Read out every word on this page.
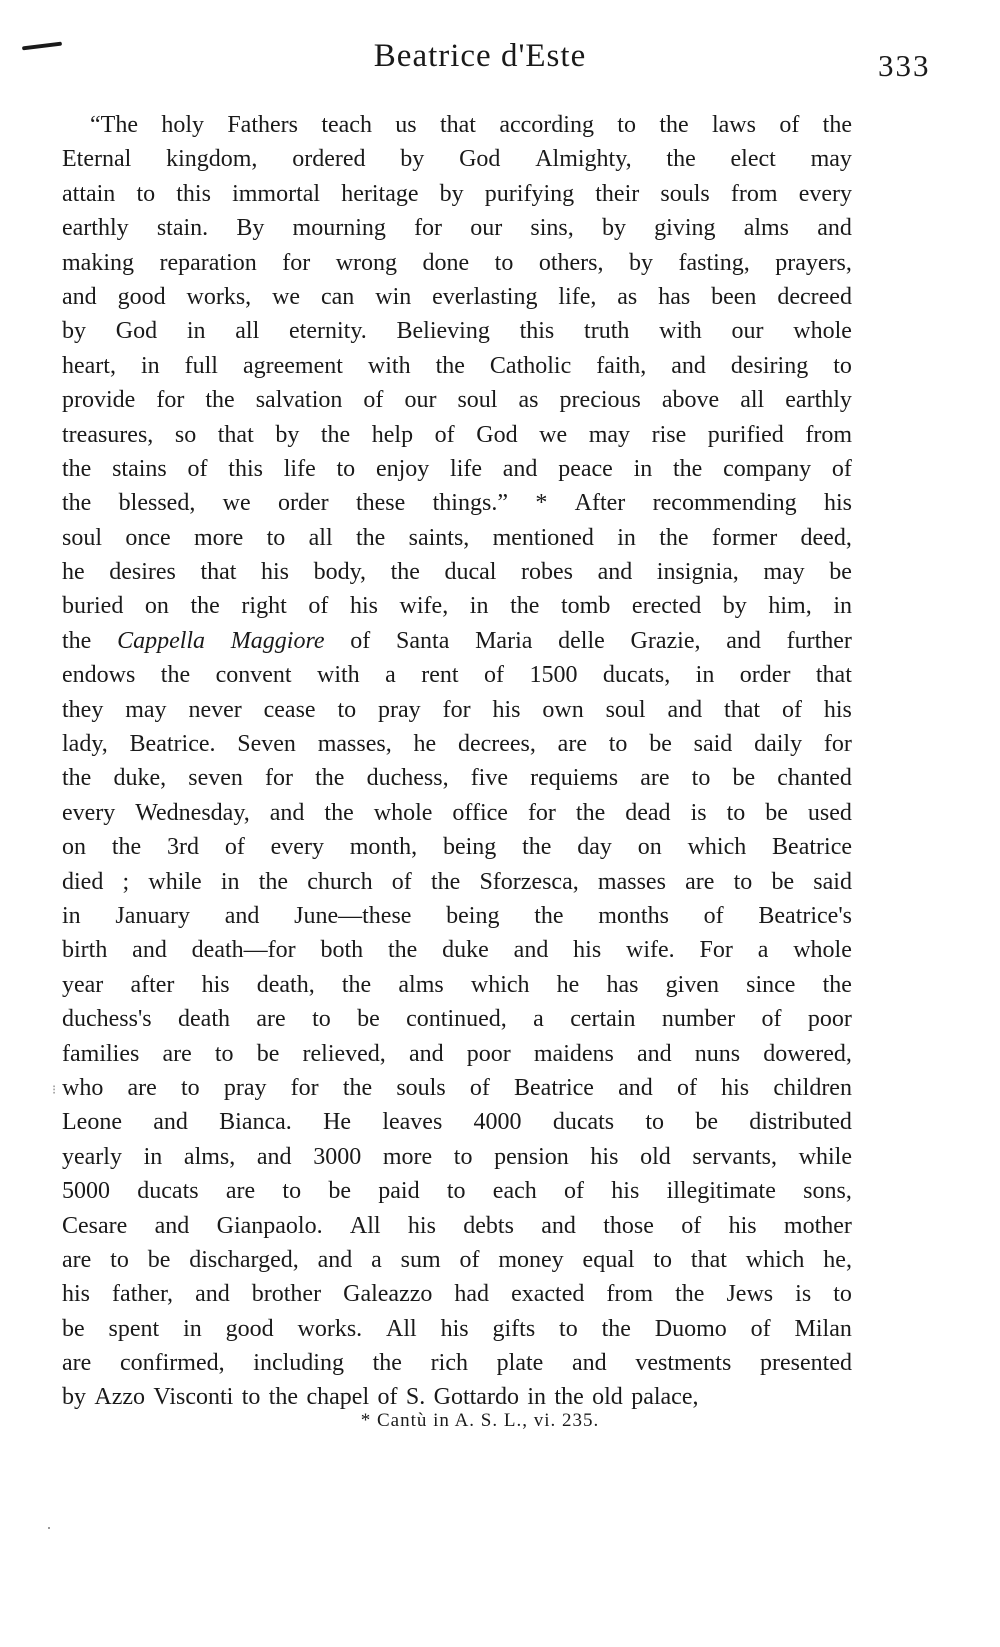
Beatrice d'Este	333
“The holy Fathers teach us that according to the laws of the
Eternal kingdom, ordered by God Almighty, the elect may
attain to this immortal heritage by purifying their souls from every
earthly stain. By mourning for our sins, by giving alms and
making reparation for wrong done to others, by fasting, prayers,
and good works, we can win everlasting life, as has been decreed
by God in all eternity. Believing this truth with our whole
heart, in full agreement with the Catholic faith, and desiring to
provide for the salvation of our soul as precious above all earthly
treasures, so that by the help of God we may rise purified from
the stains of this life to enjoy life and peace in the company of
the blessed, we order these things.” * After recommending his
soul once more to all the saints, mentioned in the former deed,
he desires that his body, the ducal robes and insignia, may be
buried on the right of his wife, in the tomb erected by him, in
the Cappella Maggiore of Santa Maria delle Grazie, and further
endows the convent with a rent of 1500 ducats, in order that
they may never cease to pray for his own soul and that of his
lady, Beatrice. Seven masses, he decrees, are to be said daily for
the duke, seven for the duchess, five requiems are to be chanted
every Wednesday, and the whole office for the dead is to be used
on the 3rd of every month, being the day on which Beatrice
died ; while in the church of the Sforzesca, masses are to be said
in January and June—these being the months of Beatrice's
birth and death—for both the duke and his wife. For a whole
year after his death, the alms which he has given since the
duchess's death are to be continued, a certain number of poor
families are to be relieved, and poor maidens and nuns dowered,
who are to pray for the souls of Beatrice and of his children
Leone and Bianca. He leaves 4000 ducats to be distributed
yearly in alms, and 3000 more to pension his old servants, while
5000 ducats are to be paid to each of his illegitimate sons,
Cesare and Gianpaolo. All his debts and those of his mother
are to be discharged, and a sum of money equal to that which he,
his father, and brother Galeazzo had exacted from the Jews is to
be spent in good works. All his gifts to the Duomo of Milan
are confirmed, including the rich plate and vestments presented
by Azzo Visconti to the chapel of S. Gottardo in the old palace,
⁝
* Cantù in A. S. L., vi. 235.
